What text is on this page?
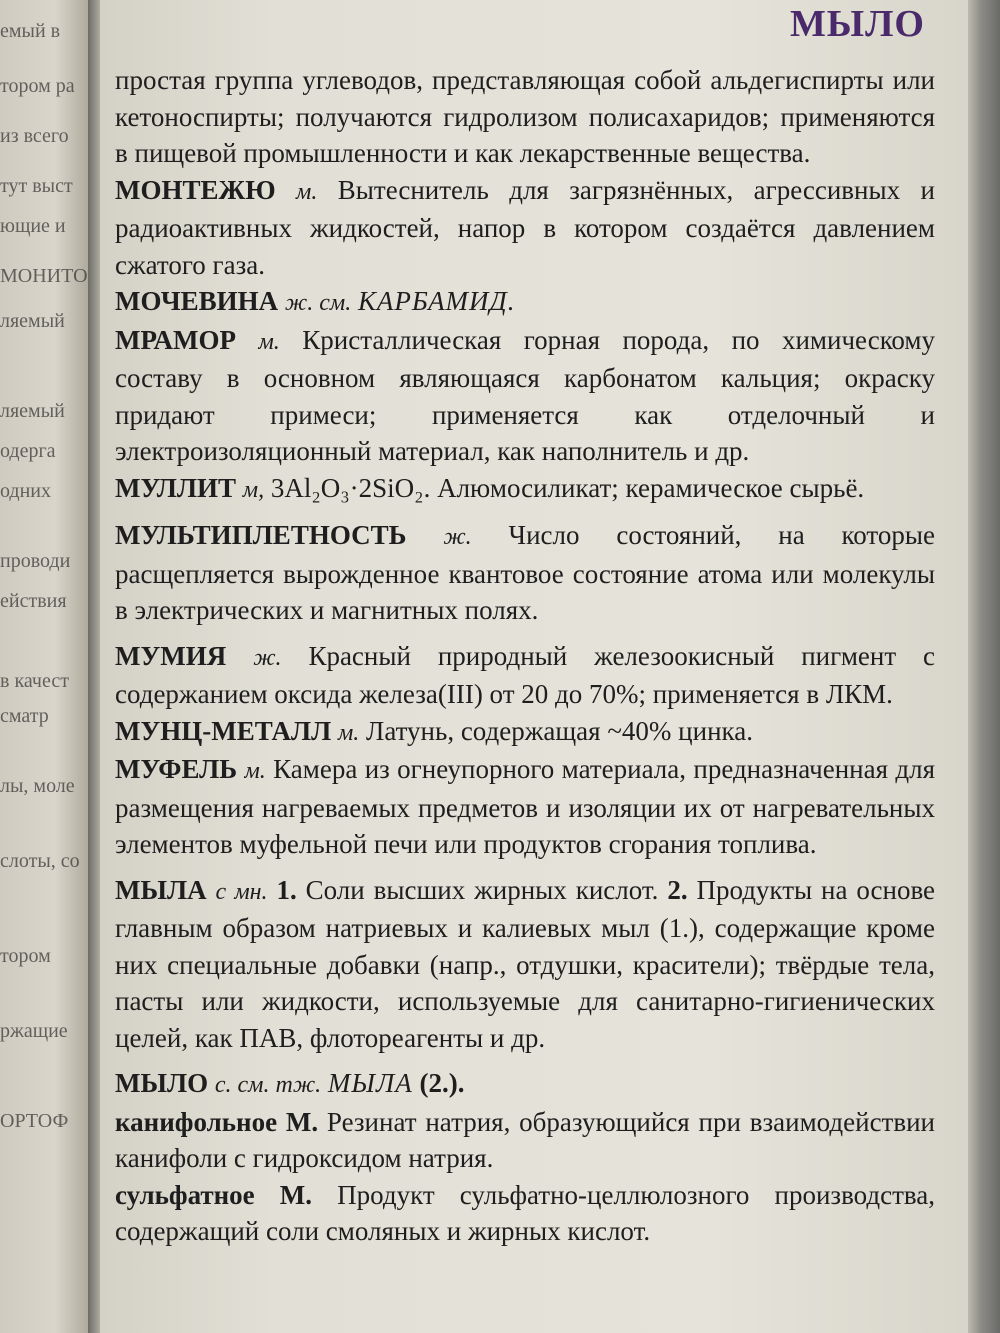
емый в
тором ра
из всего
тут выст
ющие и
МОНИТО
ляемый
ляемый
одерга
одних
проводи
ействия
в качест
сматр
лы, моле
слоты, со
тором
ржащие
ОРТОФ
МЫЛО

простая группа углеводов, представляющая собой альдегиспирты или кетоноспирты; получаются гидролизом полисахаридов; применяются в пищевой промышленности и как лекарственные вещества.

МОНТЕЖЮ м. Вытеснитель для загрязнённых, агрессивных и радиоактивных жидкостей, напор в котором создаётся давлением сжатого газа.

МОЧЕВИНА ж. см. КАРБАМИД.

МРАМОР м. Кристаллическая горная порода, по химическому составу в основном являющаяся карбонатом кальция; окраску придают примеси; применяется как отделочный и электроизоляционный материал, как наполнитель и др.

МУЛЛИТ м, 3Al₂O₃·2SiO₂. Алюмосиликат; керамическое сырьё.

МУЛЬТИПЛЕТНОСТЬ ж. Число состояний, на которые расщепляется вырожденное квантовое состояние атома или молекулы в электрических и магнитных полях.

МУМИЯ ж. Красный природный железоокисный пигмент с содержанием оксида железа(III) от 20 до 70%; применяется в ЛКМ.

МУНЦ-МЕТАЛЛ м. Латунь, содержащая ~40% цинка.

МУФЕЛЬ м. Камера из огнеупорного материала, предназначенная для размещения нагреваемых предметов и изоляции их от нагревательных элементов муфельной печи или продуктов сгорания топлива.

МЫЛА с мн. 1. Соли высших жирных кислот. 2. Продукты на основе главным образом натриевых и калиевых мыл (1.), содержащие кроме них специальные добавки (напр., отдушки, красители); твёрдые тела, пасты или жидкости, используемые для санитарно-гигиенических целей, как ПАВ, флотореагенты и др.

МЫЛО с. см. тж. МЫЛА (2.).

канифольное М. Резинат натрия, образующийся при взаимодействии канифоли с гидроксидом натрия.

сульфатное М. Продукт сульфатно-целлюлозного производства, содержащий соли смоляных и жирных кислот.
